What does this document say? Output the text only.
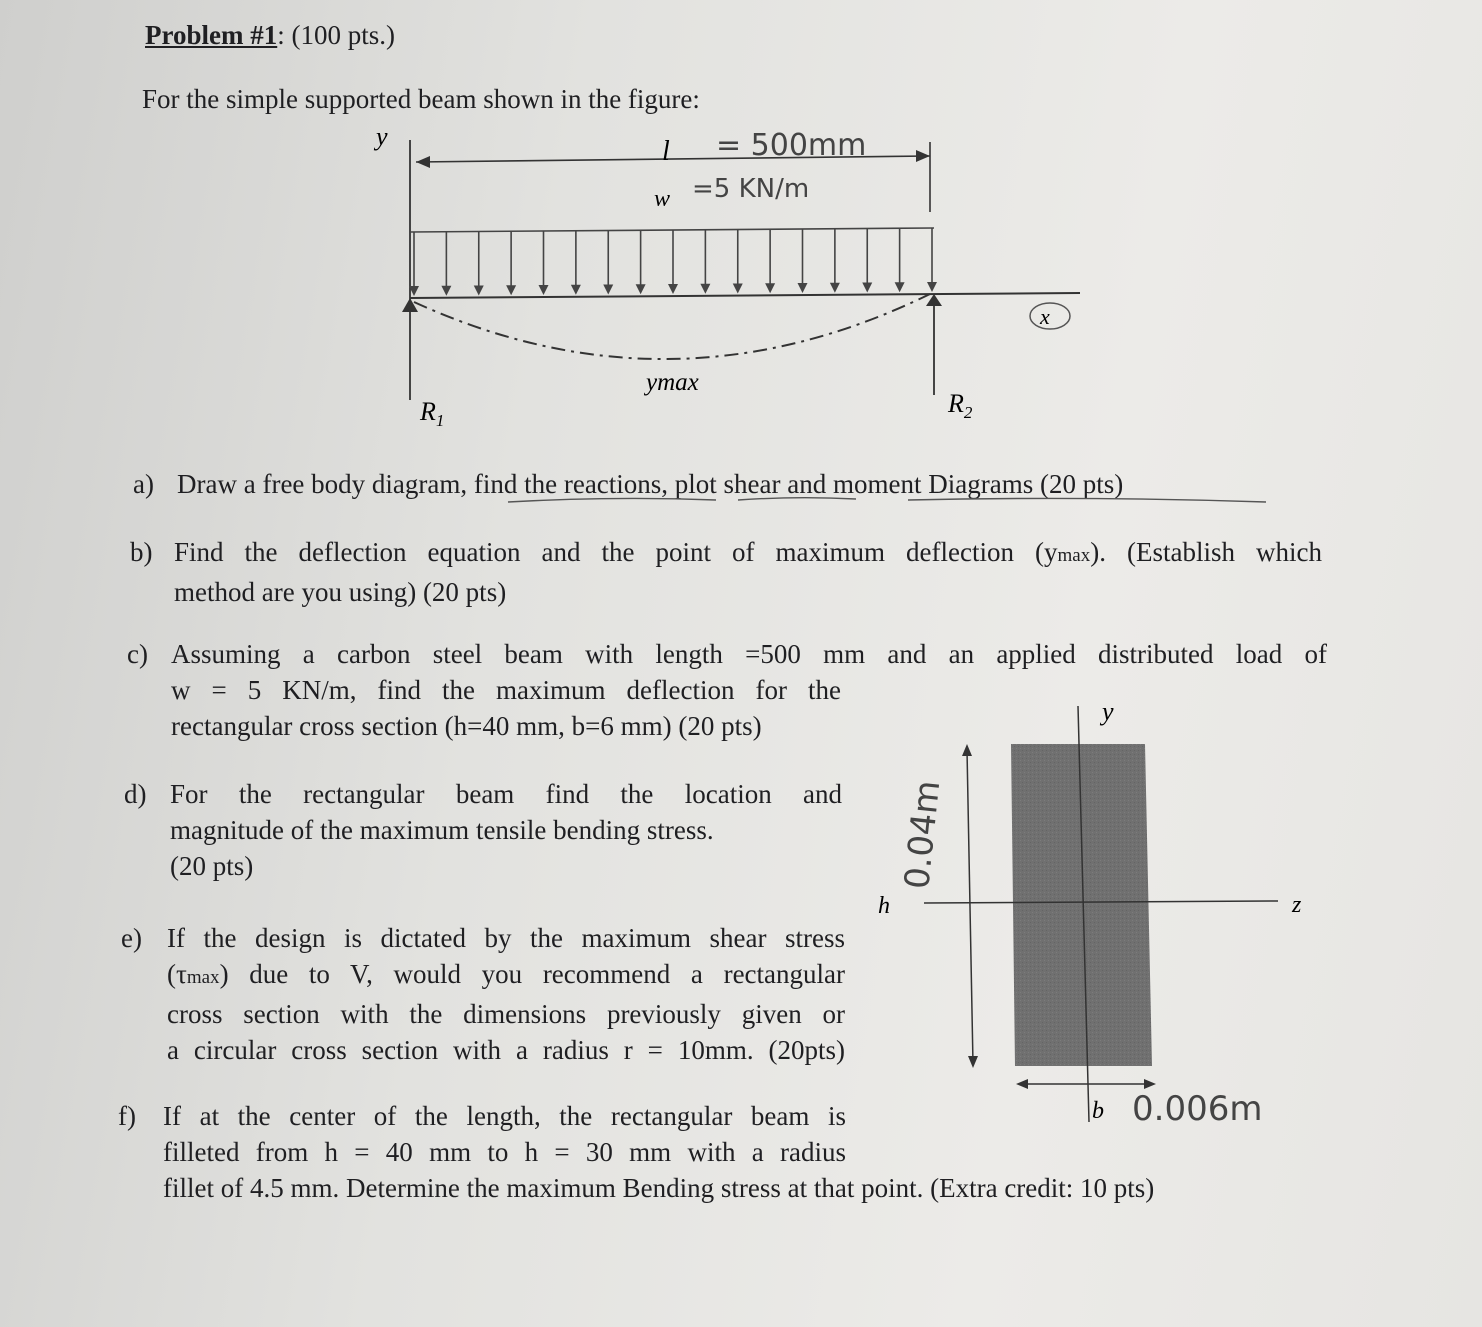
Problem #1: (100 pts.)
For the simple supported beam shown in the figure:
y	l = 500mm
w =5 KN/m
x
ymax
$R_1$
$R_2$
a) Draw a free body diagram, find the reactions, plot shear and moment Diagrams (20 pts)
b) Find the deflection equation and the point of maximum deflection (ymax). (Establish which
method are you using) (20 pts)
c) Assuming a carbon steel beam with length =500 mm and an applied distributed load of
w = 5 KN/m, find the maximum deflection for the
rectangular cross section (h=40 mm, b=6 mm) (20 pts)
d) For the rectangular beam find the location and
magnitude of the maximum tensile bending stress.
(20 pts)
e) If the design is dictated by the maximum shear stress
(τmax) due to V, would you recommend a rectangular
cross section with the dimensions previously given or
a circular cross section with a radius r = 10mm. (20pts)
f) If at the center of the length, the rectangular beam is
filleted from h = 40 mm to h = 30 mm with a radius
fillet of 4.5 mm. Determine the maximum Bending stress at that point. (Extra credit: 10 pts)
y
z
h
0.04m
b 0.006m
